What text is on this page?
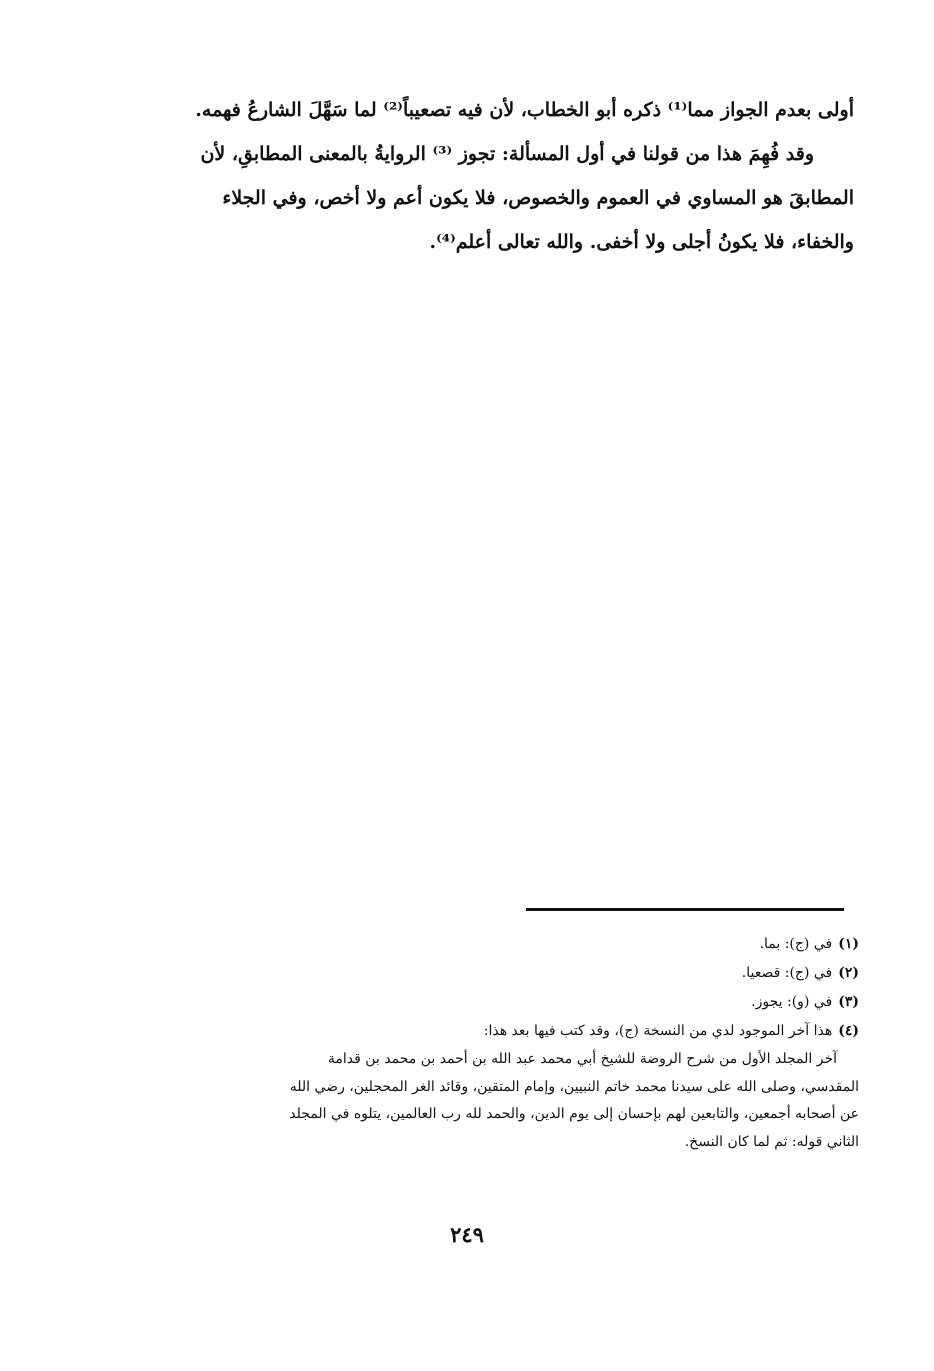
أولى بعدم الجواز مما⁽¹⁾ ذكره أبو الخطاب، لأن فيه تصعيباً⁽²⁾ لما سَهَّلَ الشارعُ فهمه.
وقد فُهِمَ هذا من قولنا في أول المسألة: تجوز ⁽³⁾ الروايةُ بالمعنى المطابقِ، لأن
المطابقَ هو المساوي في العموم والخصوص، فلا يكون أعم ولا أخص، وفي الجلاء
والخفاء، فلا يكونُ أجلى ولا أخفى. والله تعالى أعلم⁽⁴⁾.
(١)في (ج): بما.
(٢)في (ج): قصعيا.
(٣)في (و): يجوز.
(٤)هذا آخر الموجود لدي من النسخة (ج)، وقد كتب فيها بعد هذا:
آخر المجلد الأول من شرح الروضة للشيخ أبي محمد عبد الله بن أحمد بن محمد بن قدامة
المقدسي، وصلى الله على سيدنا محمد خاتم النبيين، وإمام المتقين، وقائد الغر المحجلين، رضي الله
عن أصحابه أجمعين، والتابعين لهم بإحسان إلى يوم الدين، والحمد لله رب العالمين، يتلوه في المجلد
الثاني قوله: ثم لما كان النسخ.
٢٤٩
